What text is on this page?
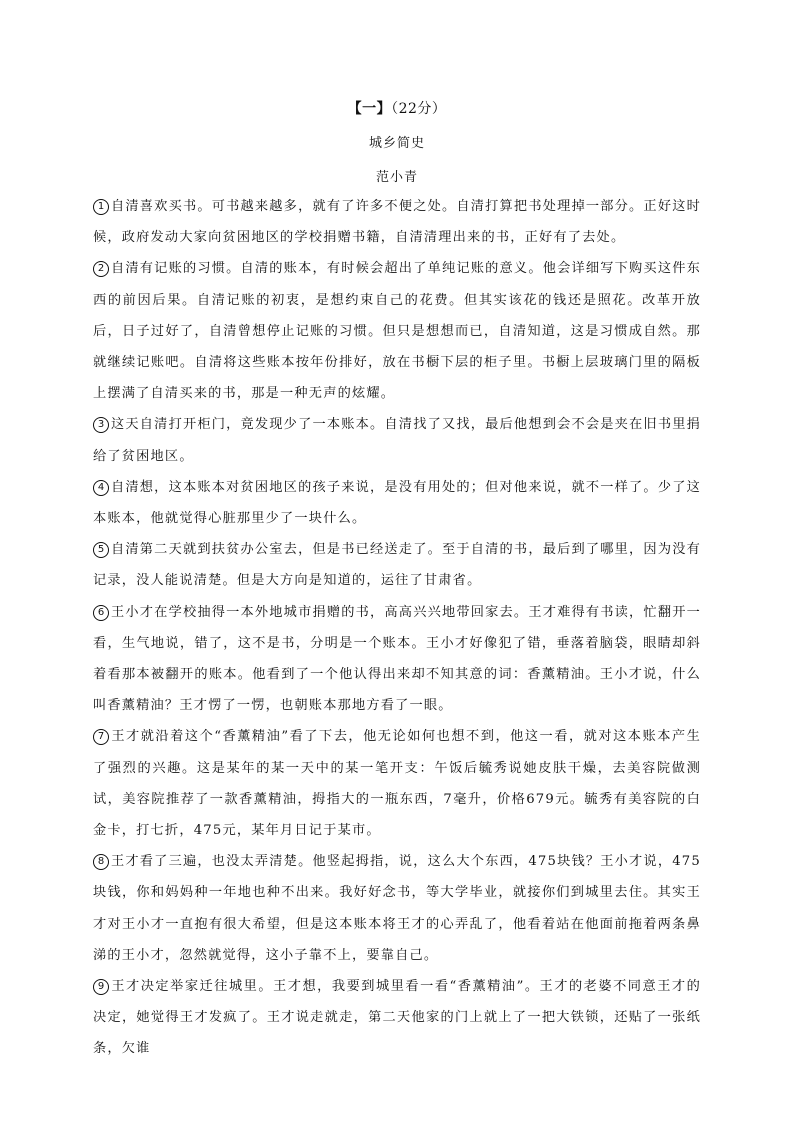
【一】（22分）
城乡简史
范小青

1 自清喜欢买书。可书越来越多，就有了许多不便之处。自清打算把书处理掉一部分。正好这时候，政府发动大家向贫困地区的学校捐赠书籍，自清清理出来的书，正好有了去处。

2 自清有记账的习惯。自清的账本，有时候会超出了单纯记账的意义。他会详细写下购买这件东西的前因后果。自清记账的初衷，是想约束自己的花费。但其实该花的钱还是照花。改革开放后，日子过好了，自清曾想停止记账的习惯。但只是想想而已，自清知道，这是习惯成自然。那就继续记账吧。自清将这些账本按年份排好，放在书橱下层的柜子里。书橱上层玻璃门里的隔板上摆满了自清买来的书，那是一种无声的炫耀。

3 这天自清打开柜门，竟发现少了一本账本。自清找了又找，最后他想到会不会是夹在旧书里捐给了贫困地区。

4 自清想，这本账本对贫困地区的孩子来说，是没有用处的；但对他来说，就不一样了。少了这本账本，他就觉得心脏那里少了一块什么。

5 自清第二天就到扶贫办公室去，但是书已经送走了。至于自清的书，最后到了哪里，因为没有记录，没人能说清楚。但是大方向是知道的，运往了甘肃省。

6 王小才在学校抽得一本外地城市捐赠的书，高高兴兴地带回家去。王才难得有书读，忙翻开一看，生气地说，错了，这不是书，分明是一个账本。王小才好像犯了错，垂落着脑袋，眼睛却斜着看那本被翻开的账本。他看到了一个他认得出来却不知其意的词：香薰精油。王小才说，什么叫香薰精油？王才愣了一愣，也朝账本那地方看了一眼。

7 王才就沿着这个“香薰精油”看了下去，他无论如何也想不到，他这一看，就对这本账本产生了强烈的兴趣。这是某年的某一天中的某一笔开支：午饭后毓秀说她皮肤干燥，去美容院做测试，美容院推荐了一款香薰精油，拇指大的一瓶东西，7毫升，价格679元。毓秀有美容院的白金卡，打七折，475元，某年月日记于某市。

8 王才看了三遍，也没太弄清楚。他竖起拇指，说，这么大个东西，475块钱？王小才说，475块钱，你和妈妈种一年地也种不出来。我好好念书，等大学毕业，就接你们到城里去住。其实王才对王小才一直抱有很大希望，但是这本账本将王才的心弄乱了，他看着站在他面前拖着两条鼻涕的王小才，忽然就觉得，这小子靠不上，要靠自己。

9 王才决定举家迁往城里。王才想，我要到城里看一看“香薰精油”。王才的老婆不同意王才的决定，她觉得王才发疯了。王才说走就走，第二天他家的门上就上了一把大铁锁，还贴了一张纸条，欠谁
